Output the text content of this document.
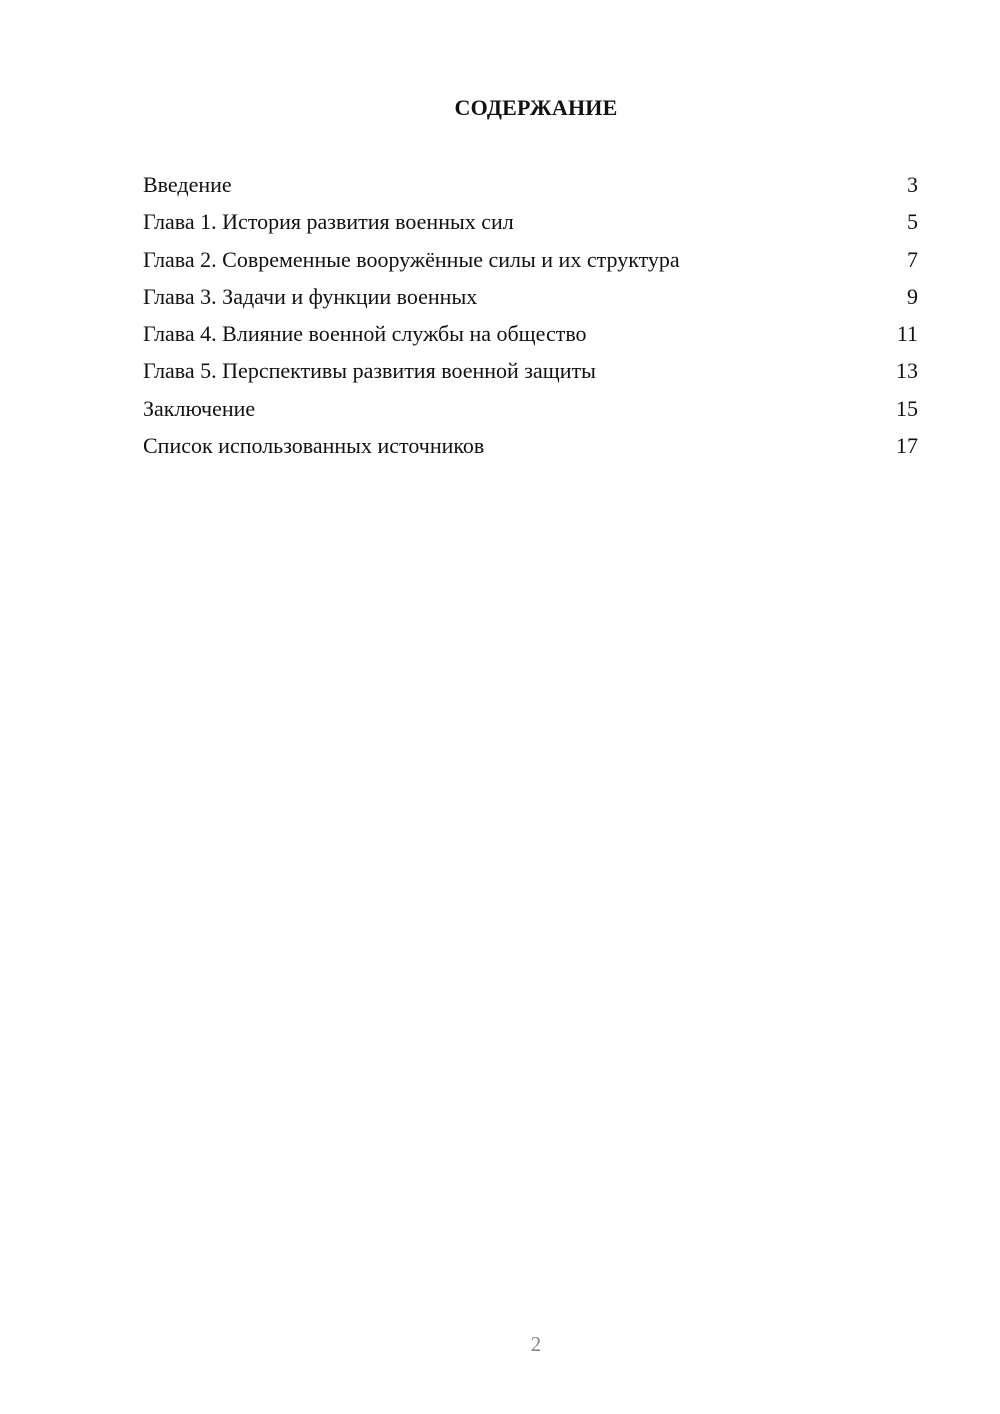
СОДЕРЖАНИЕ
Введение	3
Глава 1. История развития военных сил	5
Глава 2. Современные вооружённые силы и их структура	7
Глава 3. Задачи и функции военных	9
Глава 4. Влияние военной службы на общество	11
Глава 5. Перспективы развития военной защиты	13
Заключение	15
Список использованных источников	17
2
